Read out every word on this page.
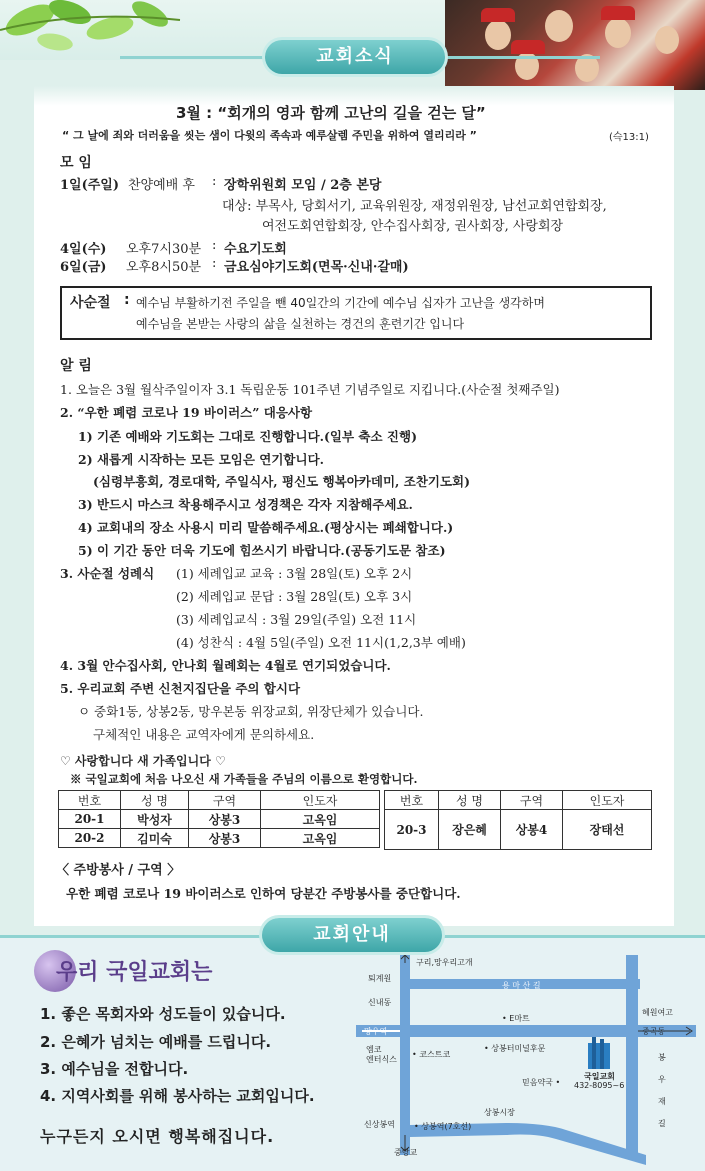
교회소식
3월 : “회개의 영과 함께 고난의 길을 걷는 달”
“ 그 날에 죄와 더러움을 씻는 샘이 다윗의 족속과 예루살렘 주민을 위하여 열리리라 ”	(슥13:1)
모 임
1일(주일) 찬양예배 후 : 장학위원회 모임 / 2층 본당
대상: 부목사, 당회서기, 교육위원장, 재정위원장, 남선교회연합회장,
여전도회연합회장, 안수집사회장, 권사회장, 사랑회장
4일(수) 오후7시30분 : 수요기도회
6일(금) 오후8시50분 : 금요심야기도회(면목·신내·갈매)
사순절 : 예수님 부활하기전 주일을 뺀 40일간의 기간에 예수님 십자가 고난을 생각하며
예수님을 본받는 사랑의 삶을 실천하는 경건의 훈련기간 입니다
알 림
1. 오늘은 3월 월삭주일이자 3.1 독립운동 101주년 기념주일로 지킵니다.(사순절 첫째주일)
2. “우한 폐렴 코로나 19 바이러스” 대응사항
1) 기존 예배와 기도회는 그대로 진행합니다.(일부 축소 진행)
2) 새롭게 시작하는 모든 모임은 연기합니다.
(심령부흥회, 경로대학, 주일식사, 평신도 행복아카데미, 조찬기도회)
3) 반드시 마스크 착용해주시고 성경책은 각자 지참해주세요.
4) 교회내의 장소 사용시 미리 말씀해주세요.(평상시는 폐쇄합니다.)
5) 이 기간 동안 더욱 기도에 힘쓰시기 바랍니다.(공동기도문 참조)
3. 사순절 성례식 (1) 세례입교 교육 : 3월 28일(토) 오후 2시
(2) 세례입교 문답 : 3월 28일(토) 오후 3시
(3) 세례입교식 : 3월 29일(주일) 오전 11시
(4) 성찬식 : 4월 5일(주일) 오전 11시(1,2,3부 예배)
4. 3월 안수집사회, 안나회 월례회는 4월로 연기되었습니다.
5. 우리교회 주변 신천지집단을 주의 합시다
ㅇ 중화1동, 상봉2동, 망우본동 위장교회, 위장단체가 있습니다.
구체적인 내용은 교역자에게 문의하세요.
♡ 사랑합니다 새 가족입니다 ♡
※ 국일교회에 처음 나오신 새 가족들을 주님의 이름으로 환영합니다.
번호	성 명	구역	인도자
20-1	박성자	상봉3	고옥임
20-2	김미숙	상봉3	고옥임
번호	성 명	구역	인도자
20-3	장은혜	상봉4	장태선
〈 주방봉사 / 구역 〉
우한 폐렴 코로나 19 바이러스로 인하여 당분간 주방봉사를 중단합니다.
교회안내
우리 국일교회는
1. 좋은 목회자와 성도들이 있습니다.
2. 은혜가 넘치는 예배를 드립니다.
3. 예수님을 전합니다.
4. 지역사회를 위해 봉사하는 교회입니다.
누구든지 오시면 행복해집니다.
구리,망우리고개
퇴계원
용 마 산 길
신내동
혜원여고
• E마트
망우역	중곡동
엠코
엔터식스
• 코스트코
• 상봉터미널후문
국일교회
432-8095~6
믿음약국 •
봉우재길
상봉시장
신상봉역 • 상봉역(7호선)
중랑교
